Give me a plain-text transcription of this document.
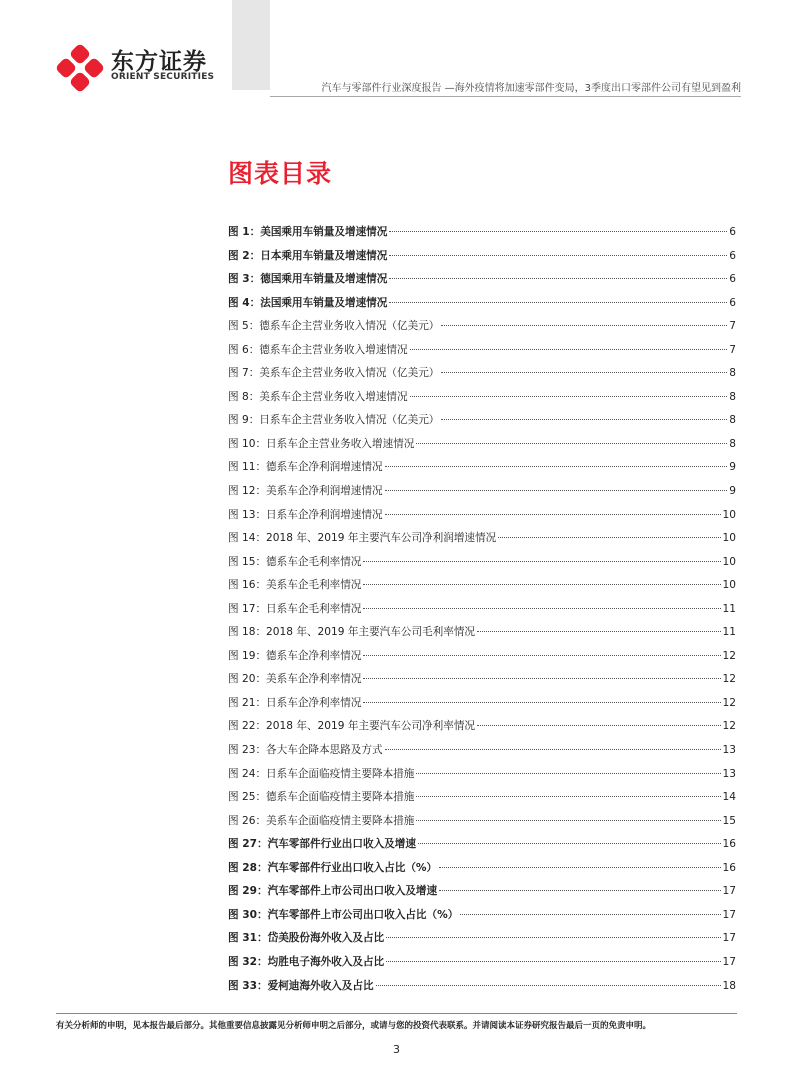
东方证券
ORIENT SECURITIES
汽车与零部件行业深度报告 —海外疫情将加速零部件变局，3季度出口零部件公司有望见到盈利
图表目录
图 1：美国乘用车销量及增速情况	6
图 2：日本乘用车销量及增速情况	6
图 3：德国乘用车销量及增速情况	6
图 4：法国乘用车销量及增速情况	6
图 5：德系车企主营业务收入情况（亿美元）	7
图 6：德系车企主营业务收入增速情况	7
图 7：美系车企主营业务收入情况（亿美元）	8
图 8：美系车企主营业务收入增速情况	8
图 9：日系车企主营业务收入情况（亿美元）	8
图 10：日系车企主营业务收入增速情况	8
图 11：德系车企净利润增速情况	9
图 12：美系车企净利润增速情况	9
图 13：日系车企净利润增速情况	10
图 14：2018 年、2019 年主要汽车公司净利润增速情况	10
图 15：德系车企毛利率情况	10
图 16：美系车企毛利率情况	10
图 17：日系车企毛利率情况	11
图 18：2018 年、2019 年主要汽车公司毛利率情况	11
图 19：德系车企净利率情况	12
图 20：美系车企净利率情况	12
图 21：日系车企净利率情况	12
图 22：2018 年、2019 年主要汽车公司净利率情况	12
图 23：各大车企降本思路及方式	13
图 24：日系车企面临疫情主要降本措施	13
图 25：德系车企面临疫情主要降本措施	14
图 26：美系车企面临疫情主要降本措施	15
图 27：汽车零部件行业出口收入及增速	16
图 28：汽车零部件行业出口收入占比（%）	16
图 29：汽车零部件上市公司出口收入及增速	17
图 30：汽车零部件上市公司出口收入占比（%）	17
图 31：岱美股份海外收入及占比	17
图 32：均胜电子海外收入及占比	17
图 33：爱柯迪海外收入及占比	18
有关分析师的申明，见本报告最后部分。其他重要信息披露见分析师申明之后部分，或请与您的投资代表联系。并请阅读本证券研究报告最后一页的免责申明。
3
